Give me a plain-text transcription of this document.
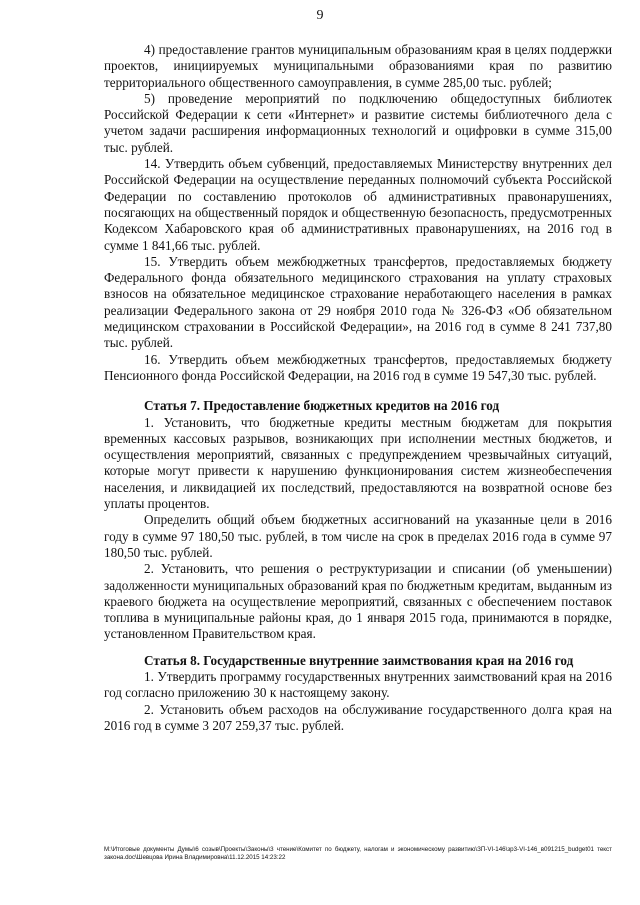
9

4) предоставление грантов муниципальным образованиям края в целях поддержки проектов, инициируемых муниципальными образованиями края по развитию территориального общественного самоуправления, в сумме 285,00 тыс. рублей;

5) проведение мероприятий по подключению общедоступных библиотек Российской Федерации к сети «Интернет» и развитие системы библиотечного дела с учетом задачи расширения информационных технологий и оцифровки в сумме 315,00 тыс. рублей.

14. Утвердить объем субвенций, предоставляемых Министерству внутренних дел Российской Федерации на осуществление переданных полномочий субъекта Российской Федерации по составлению протоколов об административных правонарушениях, посягающих на общественный порядок и общественную безопасность, предусмотренных Кодексом Хабаровского края об административных правонарушениях, на 2016 год в сумме 1 841,66 тыс. рублей.

15. Утвердить объем межбюджетных трансфертов, предоставляемых бюджету Федерального фонда обязательного медицинского страхования на уплату страховых взносов на обязательное медицинское страхование неработающего населения в рамках реализации Федерального закона от 29 ноября 2010 года № 326-ФЗ «Об обязательном медицинском страховании в Российской Федерации», на 2016 год в сумме 8 241 737,80 тыс. рублей.

16. Утвердить объем межбюджетных трансфертов, предоставляемых бюджету Пенсионного фонда Российской Федерации, на 2016 год в сумме 19 547,30 тыс. рублей.

Статья 7. Предоставление бюджетных кредитов на 2016 год

1. Установить, что бюджетные кредиты местным бюджетам для покрытия временных кассовых разрывов, возникающих при исполнении местных бюджетов, и осуществления мероприятий, связанных с предупреждением чрезвычайных ситуаций, которые могут привести к нарушению функционирования систем жизнеобеспечения населения, и ликвидацией их последствий, предоставляются на возвратной основе без уплаты процентов.

Определить общий объем бюджетных ассигнований на указанные цели в 2016 году в сумме 97 180,50 тыс. рублей, в том числе на срок в пределах 2016 года в сумме 97 180,50 тыс. рублей.

2. Установить, что решения о реструктуризации и списании (об уменьшении) задолженности муниципальных образований края по бюджетным кредитам, выданным из краевого бюджета на осуществление мероприятий, связанных с обеспечением поставок топлива в муниципальные районы края, до 1 января 2015 года, принимаются в порядке, установленном Правительством края.

Статья 8. Государственные внутренние заимствования края на 2016 год

1. Утвердить программу государственных внутренних заимствований края на 2016 год согласно приложению 30 к настоящему закону.

2. Установить объем расходов на обслуживание государственного долга края на 2016 год в сумме 3 207 259,37 тыс. рублей.

M:\Итоговые документы Думы\6 созыв\Проекты\Законы\3 чтение\Комитет по бюджету, налогам и экономическому развитию\ЗП-VI-146\зр3-VI-146_в091215_budget01 текст закона.doc\Шевцова Ирина Владимировна\11.12.2015 14:23:22
